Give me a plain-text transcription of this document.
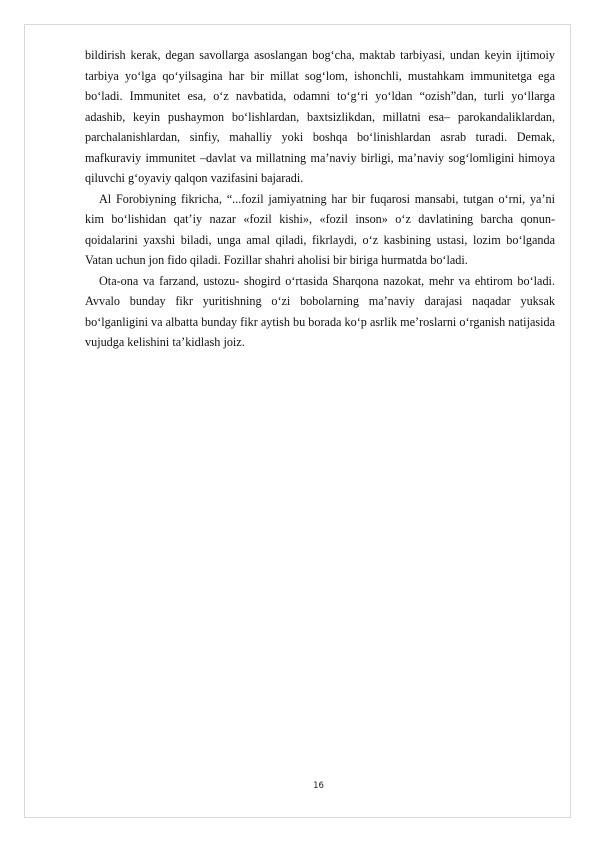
bildirish kerak, degan savollarga asoslangan bog‘cha, maktab tarbiyasi, undan keyin ijtimoiy tarbiya yo‘lga qo‘yilsagina har bir millat sog‘lom, ishonchli, mustahkam immunitetga ega bo‘ladi. Immunitet esa, o‘z navbatida, odamni to‘g‘ri yo‘ldan “ozish”dan, turli yo‘llarga adashib, keyin pushaymon bo‘lishlardan, baxtsizlikdan, millatni esa– parokandaliklardan, parchalanishlardan, sinfiy, mahalliy yoki boshqa bo‘linishlardan asrab turadi. Demak, mafkuraviy immunitet –davlat va millatning ma’naviy birligi, ma’naviy sog‘lomligini himoya qiluvchi g‘oyaviy qalqon vazifasini bajaradi.

Al Forobiyning fikricha, “...fozil jamiyatning har bir fuqarosi mansabi, tutgan o‘rni, ya’ni kim bo‘lishidan qat’iy nazar «fozil kishi», «fozil inson» o‘z davlatining barcha qonun- qoidalarini yaxshi biladi, unga amal qiladi, fikrlaydi, o‘z kasbining ustasi, lozim bo‘lganda Vatan uchun jon fido qiladi. Fozillar shahri aholisi bir biriga hurmatda bo‘ladi.

Ota-ona va farzand, ustozu- shogird o‘rtasida Sharqona nazokat, mehr va ehtirom bo‘ladi. Avvalo bunday fikr yuritishning o‘zi bobolarning ma’naviy darajasi naqadar yuksak bo‘lganligini va albatta bunday fikr aytish bu borada ko‘p asrlik me’roslarni o‘rganish natijasida vujudga kelishini ta’kidlash joiz.

16
